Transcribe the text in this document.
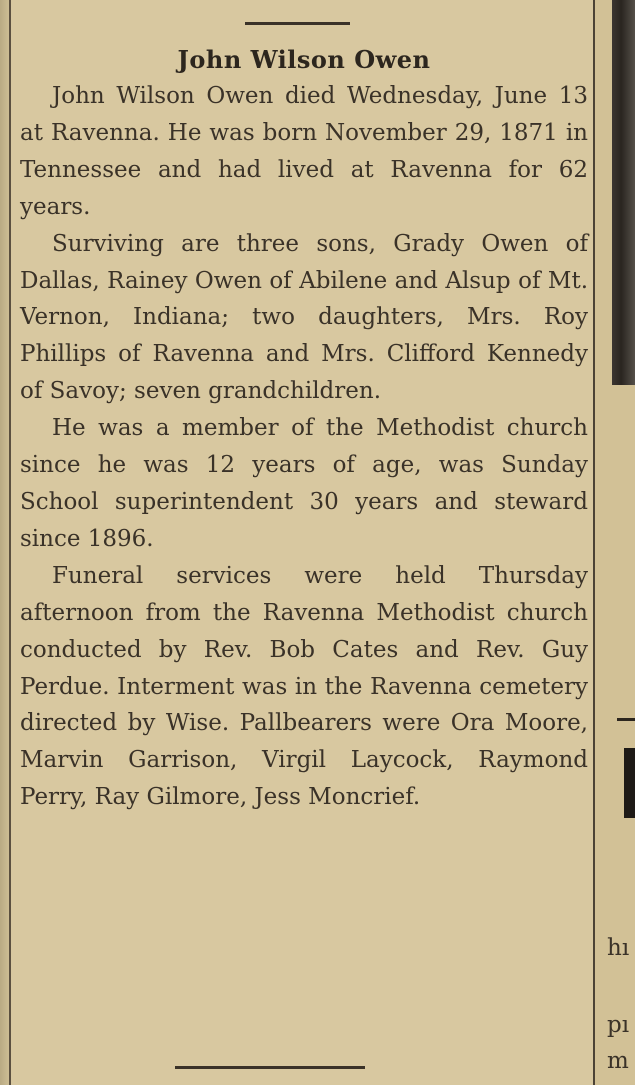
John Wilson Owen

John Wilson Owen died Wednesday, June 13 at Ravenna. He was born November 29, 1871 in Tennessee and had lived at Ravenna for 62 years.

Surviving are three sons, Grady Owen of Dallas, Rainey Owen of Abilene and Alsup of Mt. Vernon, Indiana; two daughters, Mrs. Roy Phillips of Ravenna and Mrs. Clifford Kennedy of Savoy; seven grandchildren.

He was a member of the Methodist church since he was 12 years of age, was Sunday School superintendent 30 years and steward since 1896.

Funeral services were held Thursday afternoon from the Ravenna Methodist church conducted by Rev. Bob Cates and Rev. Guy Perdue. Interment was in the Ravenna cemetery directed by Wise. Pallbearers were Ora Moore, Marvin Garrison, Virgil Laycock, Raymond Perry, Ray Gilmore, Jess Moncrief.

hı
pı
m
